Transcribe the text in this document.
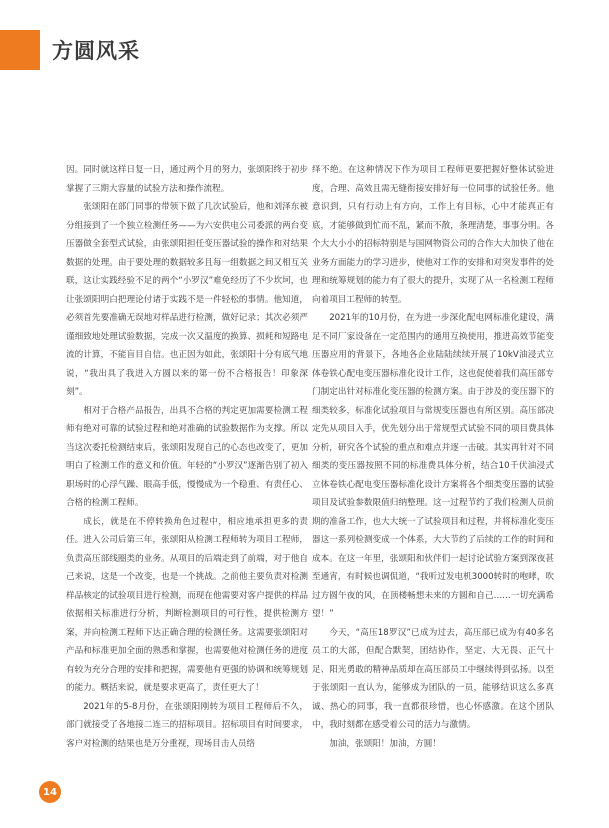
方圆风采

因。同时就这样日复一日，通过两个月的努力，张颂阳终于初步掌握了三期大容量的试验方法和操作流程。

张颂阳在部门同事的带领下做了几次试验后，他和刘泽东被分组接到了一个独立检测任务——为六安供电公司委派的两台变压器做全套型式试验，由张颂阳担任变压器试验的操作和对结果数据的处理。由于要处理的数据较多且每一组数据之间又相互关联，这让实践经验不足的两个“小罗汉”难免经历了不少坎坷，也让张颂阳明白把理论付诸于实践不是一件轻松的事情。他知道，必须首先要准确无误地对样品进行检测，做好记录；其次必须严谨细致地处理试验数据，完成一次又温度的换算、损耗和短路电流的计算，不能盲目自信。也正因为如此，张颂阳十分有底气地说，“我出具了我进入方圆以来的第一份不合格报告！印象深刻”。

相对于合格产品报告，出具不合格的判定更加需要检测工程师有绝对可靠的试验过程和绝对准确的试验数据作为支撑。所以当这次委托检测结束后，张颂阳发现自己的心态也改变了，更加明白了检测工作的意义和价值。年轻的“小罗汉”逐渐告别了初入职场时的心浮气躁、眼高手低，慢慢成为一个稳重、有责任心、合格的检测工程师。

成长，就是在不停转换角色过程中，相应地承担更多的责任。进入公司后第三年，张颂阳从检测工程师转为项目工程师，负责高压部线圈类的业务。从项目的后端走到了前端，对于他自己来说，这是一个改变，也是一个挑战。之前他主要负责对检测样品核定的试验项目进行检测，而现在他需要对客户提供的样品依据相关标准进行分析，判断检测项目的可行性，提供检测方案，并向检测工程师下达正确合理的检测任务。这需要张颂阳对产品和标准更加全面的熟悉和掌握，也需要他对检测任务的进度有较为充分合理的安排和把握，需要他有更强的协调和统筹规划的能力。概括来说，就是要求更高了，责任更大了！

2021年的5-8月份，在张颂阳刚转为项目工程师后不久，部门就接受了各地接二连三的招标项目。招标项目有时间要求，客户对检测的结果也是万分重视，现场目击人员络

绎不绝。在这种情况下作为项目工程师更要把握好整体试验进度，合理、高效且需无缝衔接安排好每一位同事的试验任务。他意识到，只有行动上有方向，工作上有目标，心中才能真正有底，才能够做到忙而不乱，紧而不散，条理清楚，事事分明。各个大大小小的招标特别是与国网物资公司的合作大大加快了他在业务方面能力的学习进步，使他对工作的安排和对突发事件的处理和统筹规划的能力有了很大的提升，实现了从一名检测工程师向着项目工程师的转型。

2021年的10月份，在为进一步深化配电网标准化建设，满足不同厂家设备在一定范围内的通用互换使用，推进高效节能变压器应用的背景下，各地各企业陆陆续续开展了10kV油浸式立体卷铁心配电变压器标准化设计工作，这也促使着我们高压部专门制定出针对标准化变压器的检测方案。由于涉及的变压器下的细类较多，标准化试验项目与常规变压器也有所区别。高压部决定先从项目入手，优先划分出于常规型式试验不同的项目费具体分析，研究各个试验的重点和难点并逐一击破。其实再针对不同细类的变压器按照不同的标准费具体分析，结合10千伏油浸式立体卷铁心配电变压器标准化设计方案将各个细类变压器的试验项目及试验参数限值归纳整理。这一过程节约了我们检测人员前期的准备工作，也大大统一了试验项目和过程，并将标准化变压器这一系列检测变成一个体系，大大节约了后续的工作的时间和成本。在这一年里，张颂阳和伙伴们一起讨论试验方案到深夜甚至通宵，有时候也调侃道，“我听过发电机3000转时的咆哮，吹过方圆午夜的风，在顶楼畅想未来的方圆和自己……一切充满希望！”

今天，“高压18罗汉”已成为过去，高压部已成为有40多名员工的大部，但配合默契，团结协作，坚定、大无畏、正气十足、阳光勇敢的精神品质却在高压部员工中继续得到弘扬。以至于张颂阳一直认为，能够成为团队的一员，能够结识这么多真诚、热心的同事，我一直都很珍惜，也心怀感激。在这个团队中，我时刻都在感受着公司的活力与激情。

加油，张颂阳！加油，方圆！

14
